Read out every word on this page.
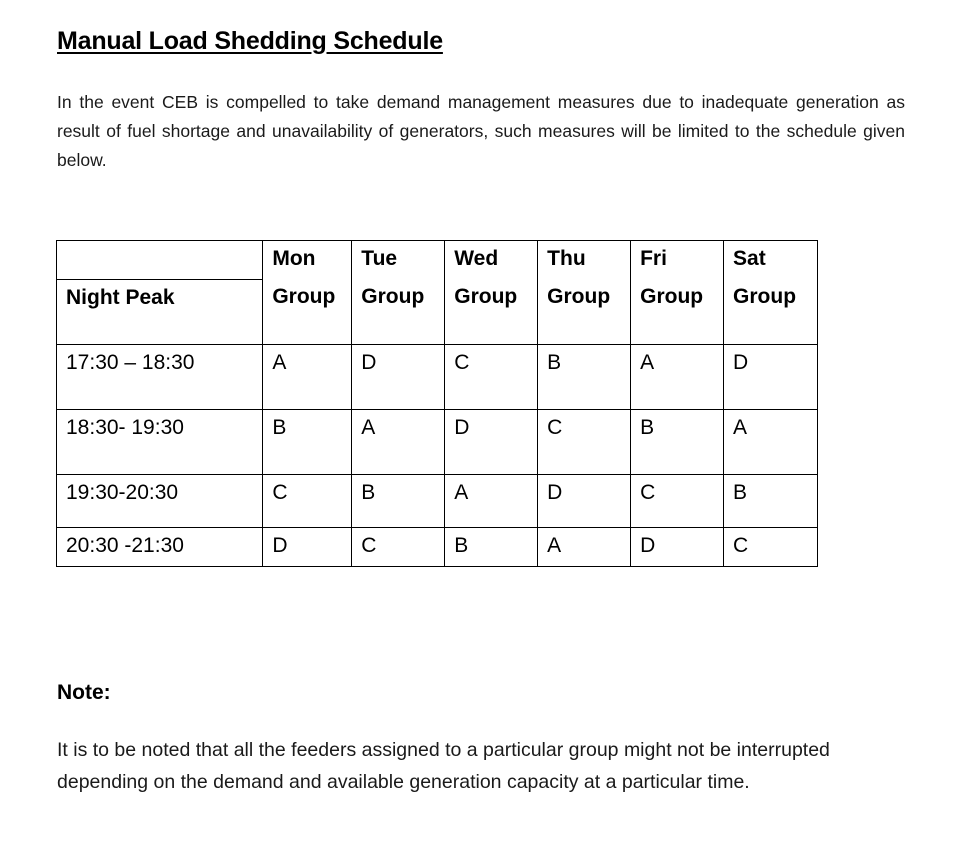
Manual Load Shedding Schedule

In the event CEB is compelled to take demand management measures due to inadequate generation as result of fuel shortage and unavailability of generators, such measures will be limited to the schedule given below.

	Mon	Tue	Wed	Thu	Fri	Sat
Night Peak	Group	Group	Group	Group	Group	Group
17:30 – 18:30	A	D	C	B	A	D
18:30- 19:30	B	A	D	C	B	A
19:30-20:30	C	B	A	D	C	B
20:30 -21:30	D	C	B	A	D	C
Note:

It is to be noted that all the feeders assigned to a particular group might not be interrupted depending on the demand and available generation capacity at a particular time.
